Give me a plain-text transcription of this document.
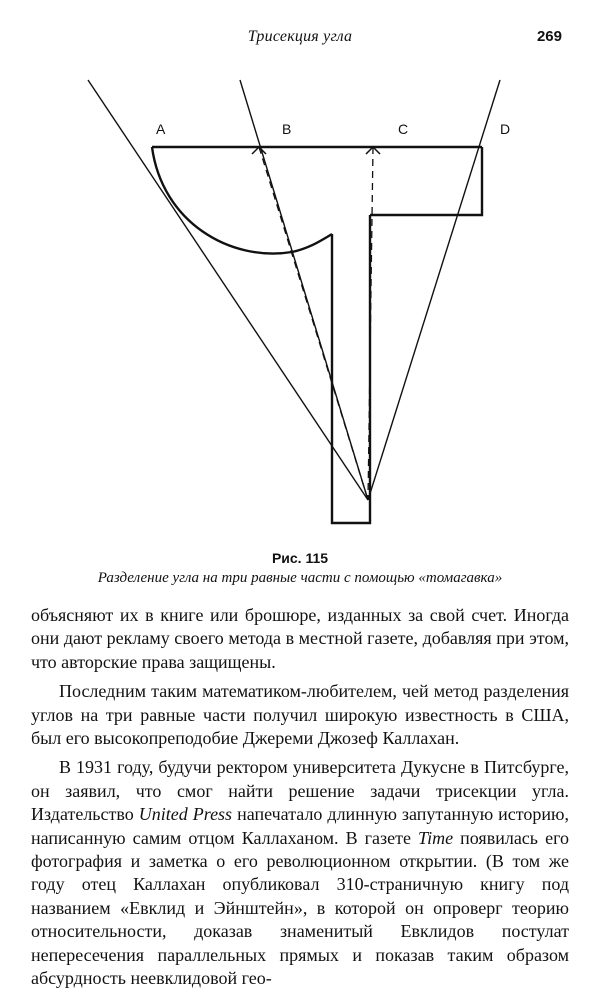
Трисекция угла	269
A	B	C	D
Рис. 115
Разделение угла на три равные части с помощью «томагавка»

объясняют их в книге или брошюре, изданных за свой счет. Иногда они дают рекламу своего метода в местной газете, добавляя при этом, что авторские права защищены.

Последним таким математиком-любителем, чей метод разделения углов на три равные части получил широкую известность в США, был его высокопреподобие Джереми Джозеф Каллахан.

В 1931 году, будучи ректором университета Дукусне в Питсбурге, он заявил, что смог найти решение задачи трисекции угла. Издательство United Press напечатало длинную запутанную историю, написанную самим отцом Каллаханом. В газете Time появилась его фотография и заметка о его революционном открытии. (В том же году отец Каллахан опубликовал 310-страничную книгу под названием «Евклид и Эйнштейн», в которой он опроверг теорию относительности, доказав знаменитый Евклидов постулат непересечения параллельных прямых и показав таким образом абсурдность неевклидовой гео-
